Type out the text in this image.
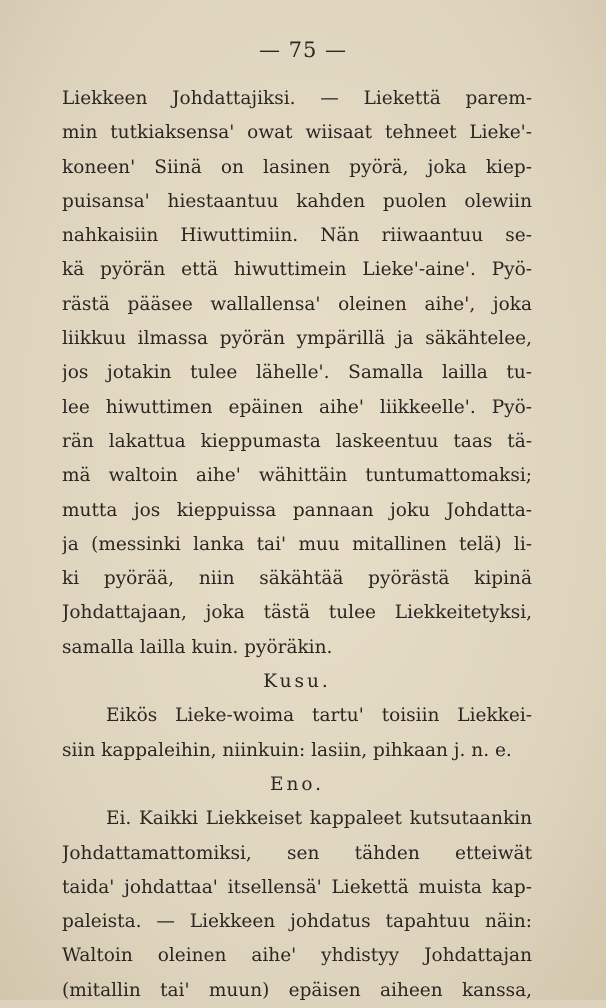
— 75 —
Liekkeen Johdattajiksi. — Liekettä parem-
min tutkiaksensa' owat wiisaat tehneet Lieke'-
koneen' Siinä on lasinen pyörä, joka kiep-
puisansa' hiestaantuu kahden puolen olewiin
nahkaisiin Hiwuttimiin. Nän riiwaantuu se-
kä pyörän että hiwuttimein Lieke'-aine'. Pyö-
rästä pääsee wallallensa' oleinen aihe', joka
liikkuu ilmassa pyörän ympärillä ja säkähtelee,
jos jotakin tulee lähelle'. Samalla lailla tu-
lee hiwuttimen epäinen aihe' liikkeelle'. Pyö-
rän lakattua kieppumasta laskeentuu taas tä-
mä waltoin aihe' wähittäin tuntumattomaksi;
mutta jos kieppuissa pannaan joku Johdatta-
ja (messinki lanka tai' muu mitallinen telä) li-
ki pyörää, niin säkähtää pyörästä kipinä
Johdattajaan, joka tästä tulee Liekkeitetyksi,
samalla lailla kuin. pyöräkin.
Kusu.
Eikös Lieke-woima tartu' toisiin Liekkei-
siin kappaleihin, niinkuin: lasiin, pihkaan j. n. e.
Eno.
Ei. Kaikki Liekkeiset kappaleet kutsutaankin
Johdattamattomiksi, sen tähden etteiwät
taida' johdattaa' itsellensä' Liekettä muista kap-
paleista. — Liekkeen johdatus tapahtuu näin:
Waltoin oleinen aihe' yhdistyy Johdattajan
(mitallin tai' muun) epäisen aiheen kanssa,
